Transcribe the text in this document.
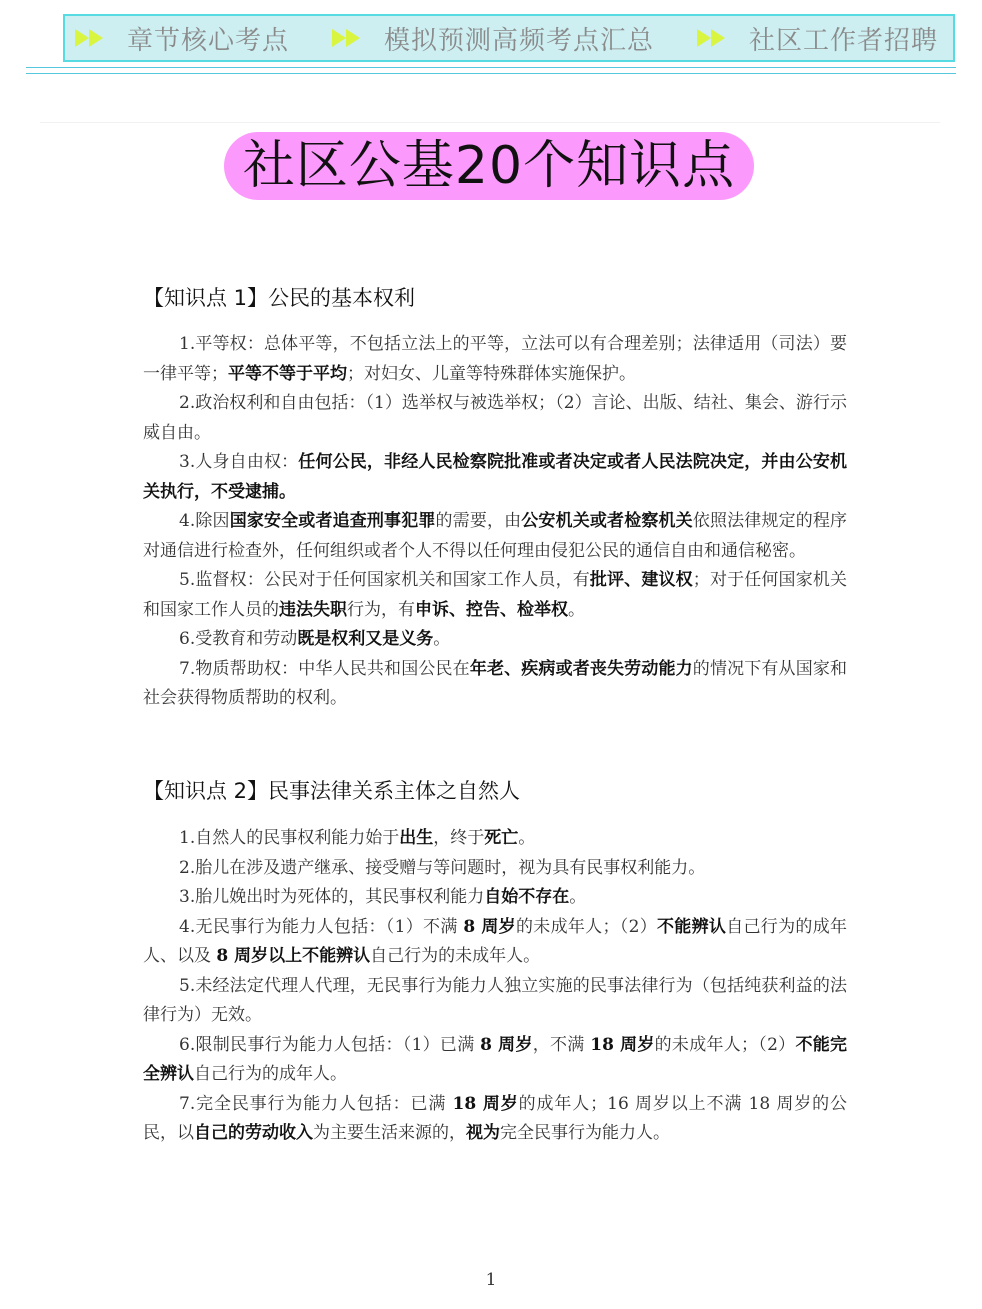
章节核心考点	模拟预测高频考点汇总	社区工作者招聘
社区公基20个知识点
【知识点 1】公民的基本权利

1.平等权：总体平等，不包括立法上的平等，立法可以有合理差别；法律适用（司法）要一律平等；平等不等于平均；对妇女、儿童等特殊群体实施保护。

2.政治权利和自由包括：（1）选举权与被选举权；（2）言论、出版、结社、集会、游行示威自由。

3.人身自由权：任何公民，非经人民检察院批准或者决定或者人民法院决定，并由公安机关执行，不受逮捕。

4.除因国家安全或者追查刑事犯罪的需要，由公安机关或者检察机关依照法律规定的程序对通信进行检查外，任何组织或者个人不得以任何理由侵犯公民的通信自由和通信秘密。

5.监督权：公民对于任何国家机关和国家工作人员，有批评、建议权；对于任何国家机关和国家工作人员的违法失职行为，有申诉、控告、检举权。

6.受教育和劳动既是权利又是义务。

7.物质帮助权：中华人民共和国公民在年老、疾病或者丧失劳动能力的情况下有从国家和社会获得物质帮助的权利。

【知识点 2】民事法律关系主体之自然人

1.自然人的民事权利能力始于出生，终于死亡。

2.胎儿在涉及遗产继承、接受赠与等问题时，视为具有民事权利能力。

3.胎儿娩出时为死体的，其民事权利能力自始不存在。

4.无民事行为能力人包括：（1）不满 8 周岁的未成年人；（2）不能辨认自己行为的成年人、以及 8 周岁以上不能辨认自己行为的未成年人。

5.未经法定代理人代理，无民事行为能力人独立实施的民事法律行为（包括纯获利益的法律行为）无效。

6.限制民事行为能力人包括：（1）已满 8 周岁，不满 18 周岁的未成年人；（2）不能完全辨认自己行为的成年人。

7.完全民事行为能力人包括：已满 18 周岁的成年人；16 周岁以上不满 18 周岁的公民，以自己的劳动收入为主要生活来源的，视为完全民事行为能力人。

1
